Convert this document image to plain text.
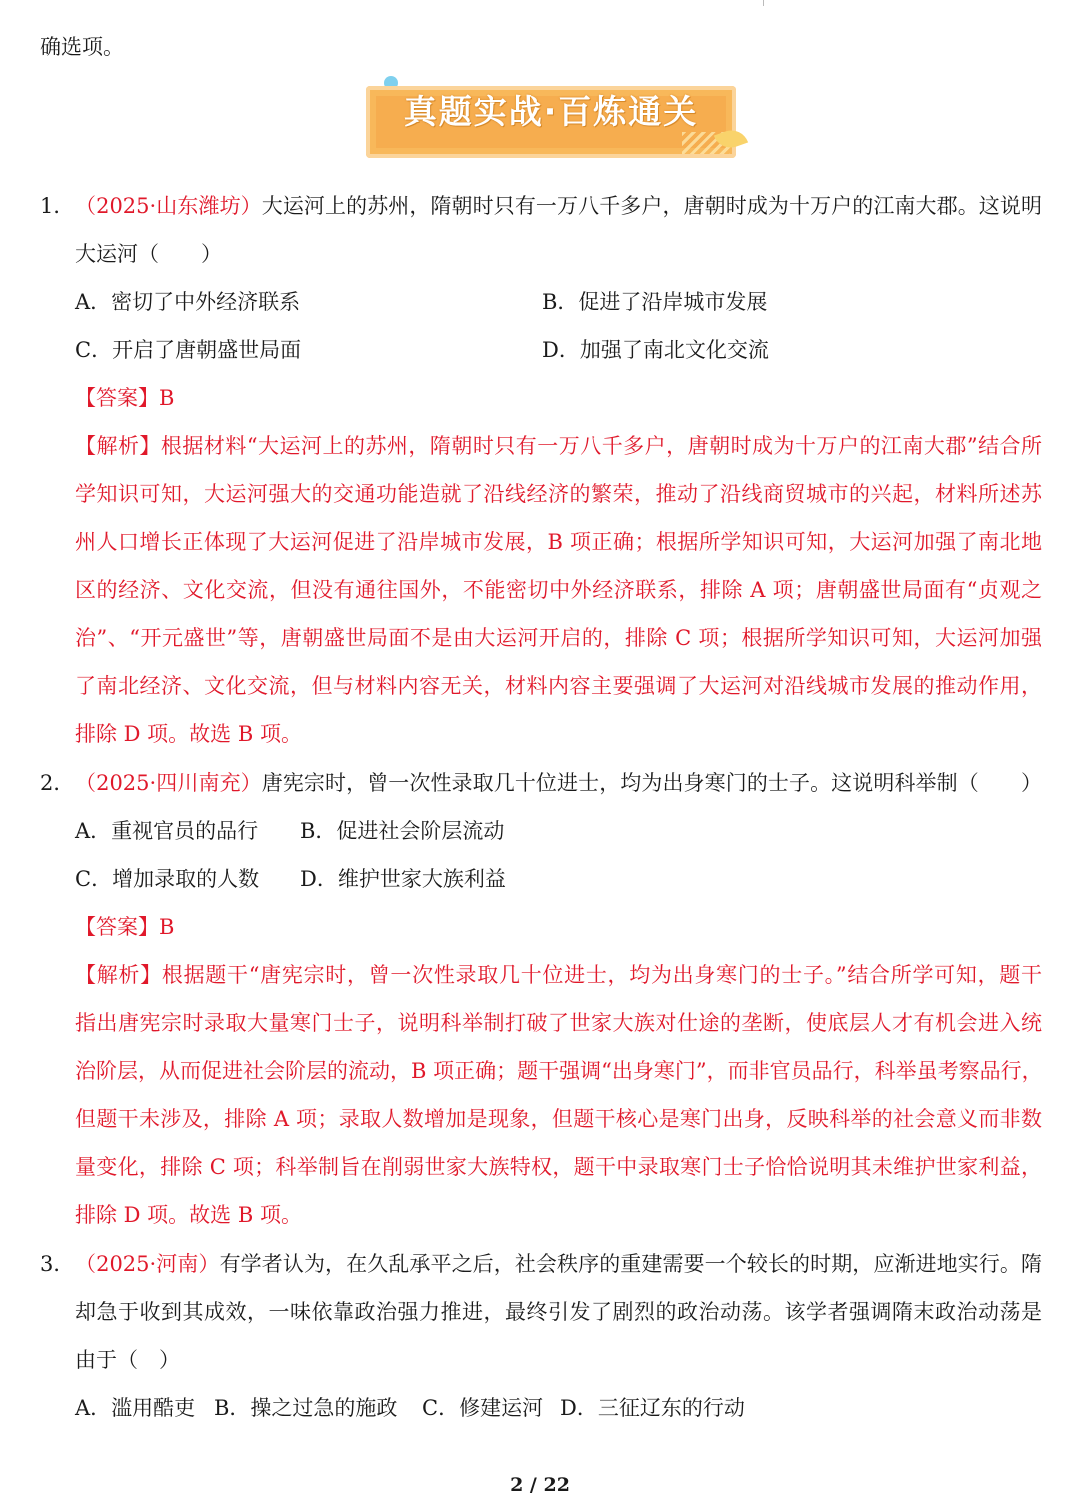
确选项。
真题实战·百炼通关
1． （2025·山东潍坊）大运河上的苏州，隋朝时只有一万八千多户，唐朝时成为十万户的江南大郡。这说明
大运河（　　）
A．密切了中外经济联系	B．促进了沿岸城市发展
C．开启了唐朝盛世局面	D．加强了南北文化交流
【答案】B
【解析】根据材料“大运河上的苏州，隋朝时只有一万八千多户，唐朝时成为十万户的江南大郡”结合所
学知识可知，大运河强大的交通功能造就了沿线经济的繁荣，推动了沿线商贸城市的兴起，材料所述苏
州人口增长正体现了大运河促进了沿岸城市发展，B 项正确；根据所学知识可知，大运河加强了南北地
区的经济、文化交流，但没有通往国外，不能密切中外经济联系，排除 A 项；唐朝盛世局面有“贞观之
治”、“开元盛世”等，唐朝盛世局面不是由大运河开启的，排除 C 项；根据所学知识可知，大运河加强
了南北经济、文化交流，但与材料内容无关，材料内容主要强调了大运河对沿线城市发展的推动作用，
排除 D 项。故选 B 项。
2． （2025·四川南充）唐宪宗时，曾一次性录取几十位进士，均为出身寒门的士子。这说明科举制（　　）
A．重视官员的品行 B．促进社会阶层流动
C．增加录取的人数 D．维护世家大族利益
【答案】B
【解析】根据题干“唐宪宗时，曾一次性录取几十位进士，均为出身寒门的士子。”结合所学可知，题干
指出唐宪宗时录取大量寒门士子，说明科举制打破了世家大族对仕途的垄断，使底层人才有机会进入统
治阶层，从而促进社会阶层的流动，B 项正确；题干强调“出身寒门”，而非官员品行，科举虽考察品行，
但题干未涉及，排除 A 项；录取人数增加是现象，但题干核心是寒门出身，反映科举的社会意义而非数
量变化，排除 C 项；科举制旨在削弱世家大族特权，题干中录取寒门士子恰恰说明其未维护世家利益，
排除 D 项。故选 B 项。
3． （2025·河南）有学者认为，在久乱承平之后，社会秩序的重建需要一个较长的时期，应渐进地实行。隋
却急于收到其成效，一味依靠政治强力推进，最终引发了剧烈的政治动荡。该学者强调隋末政治动荡是
由于（　）
A．滥用酷吏 B．操之过急的施政 C．修建运河 D．三征辽东的行动
2 / 22
